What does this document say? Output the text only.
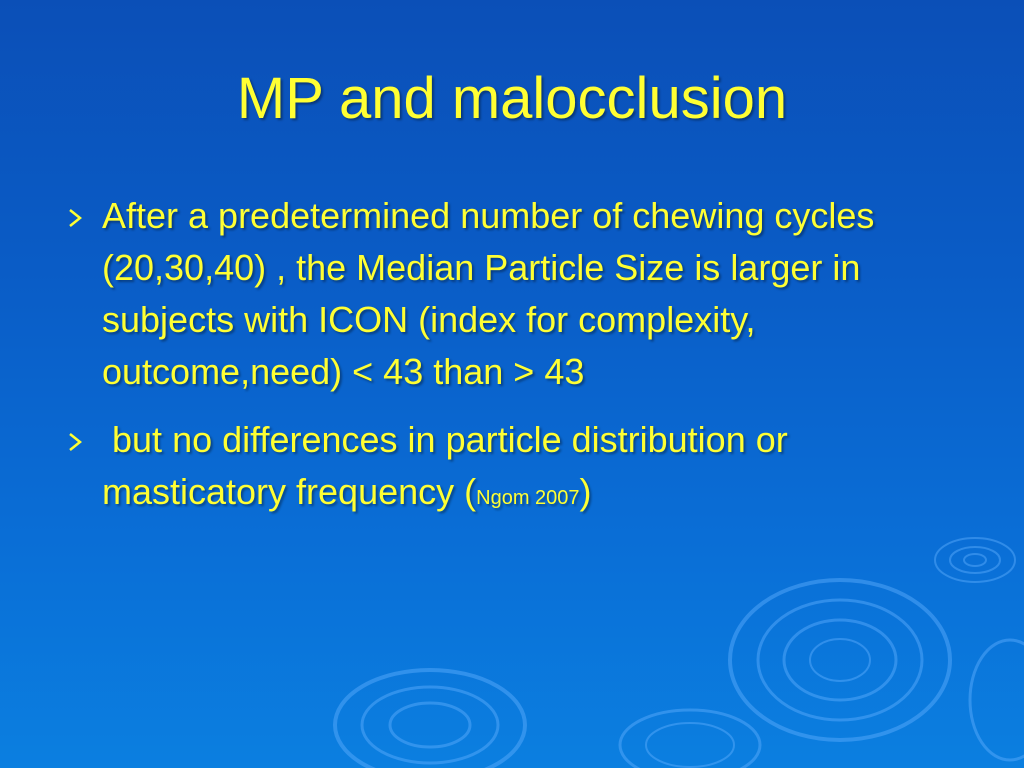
MP and malocclusion
After a predetermined number of chewing cycles (20,30,40) , the Median Particle Size is larger in subjects with ICON (index for complexity, outcome,need) < 43 than > 43
but no differences in particle distribution or masticatory frequency (Ngom 2007)
